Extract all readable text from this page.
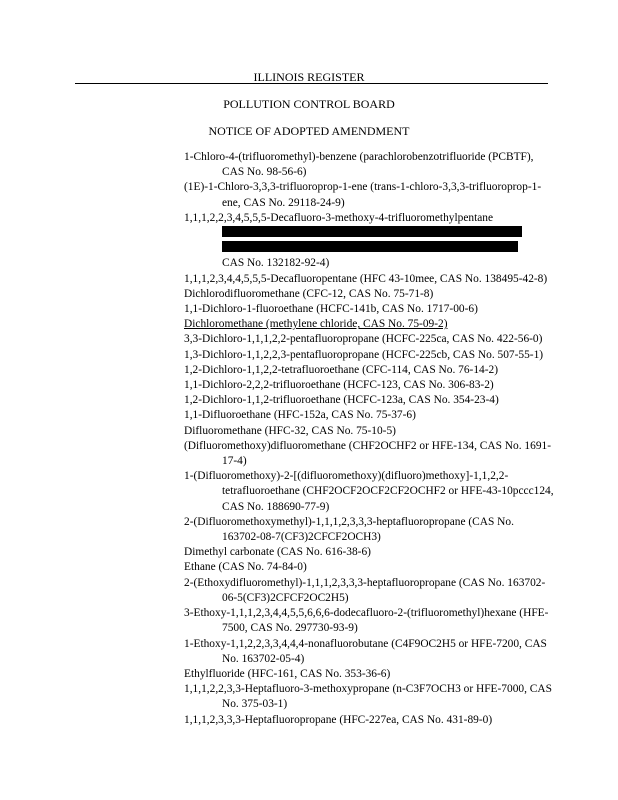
ILLINOIS REGISTER
POLLUTION CONTROL BOARD
NOTICE OF ADOPTED AMENDMENT
1-Chloro-4-(trifluoromethyl)-benzene (parachlorobenzotrifluoride (PCBTF), CAS No. 98-56-6)
(1E)-1-Chloro-3,3,3-trifluoroprop-1-ene (trans-1-chloro-3,3,3-trifluoroprop-1-ene, CAS No. 29118-24-9)
1,1,1,2,2,3,4,5,5,5-Decafluoro-3-methoxy-4-trifluoromethylpentane

CAS No. 132182-92-4)
1,1,1,2,3,4,4,5,5,5-Decafluoropentane (HFC 43-10mee, CAS No. 138495-42-8)
Dichlorodifluoromethane (CFC-12, CAS No. 75-71-8)
1,1-Dichloro-1-fluoroethane (HCFC-141b, CAS No. 1717-00-6)
Dichloromethane (methylene chloride, CAS No. 75-09-2)
3,3-Dichloro-1,1,1,2,2-pentafluoropropane (HCFC-225ca, CAS No. 422-56-0)
1,3-Dichloro-1,1,2,2,3-pentafluoropropane (HCFC-225cb, CAS No. 507-55-1)
1,2-Dichloro-1,1,2,2-tetrafluoroethane (CFC-114, CAS No. 76-14-2)
1,1-Dichloro-2,2,2-trifluoroethane (HCFC-123, CAS No. 306-83-2)
1,2-Dichloro-1,1,2-trifluoroethane (HCFC-123a, CAS No. 354-23-4)
1,1-Difluoroethane (HFC-152a, CAS No. 75-37-6)
Difluoromethane (HFC-32, CAS No. 75-10-5)
(Difluoromethoxy)difluoromethane (CHF2OCHF2 or HFE-134, CAS No. 1691-17-4)
1-(Difluoromethoxy)-2-[(difluoromethoxy)(difluoro)methoxy]-1,1,2,2-tetrafluoroethane (CHF2OCF2OCF2CF2OCHF2 or HFE-43-10pccc124, CAS No. 188690-77-9)
2-(Difluoromethoxymethyl)-1,1,1,2,3,3,3-heptafluoropropane (CAS No. 163702-08-7(CF3)2CFCF2OCH3)
Dimethyl carbonate (CAS No. 616-38-6)
Ethane (CAS No. 74-84-0)
2-(Ethoxydifluoromethyl)-1,1,1,2,3,3,3-heptafluoropropane (CAS No. 163702-06-5(CF3)2CFCF2OC2H5)
3-Ethoxy-1,1,1,2,3,4,4,5,5,6,6,6-dodecafluoro-2-(trifluoromethyl)hexane (HFE-7500, CAS No. 297730-93-9)
1-Ethoxy-1,1,2,2,3,3,4,4,4-nonafluorobutane (C4F9OC2H5 or HFE-7200, CAS No. 163702-05-4)
Ethylfluoride (HFC-161, CAS No. 353-36-6)
1,1,1,2,2,3,3-Heptafluoro-3-methoxypropane (n-C3F7OCH3 or HFE-7000, CAS No. 375-03-1)
1,1,1,2,3,3,3-Heptafluoropropane (HFC-227ea, CAS No. 431-89-0)
